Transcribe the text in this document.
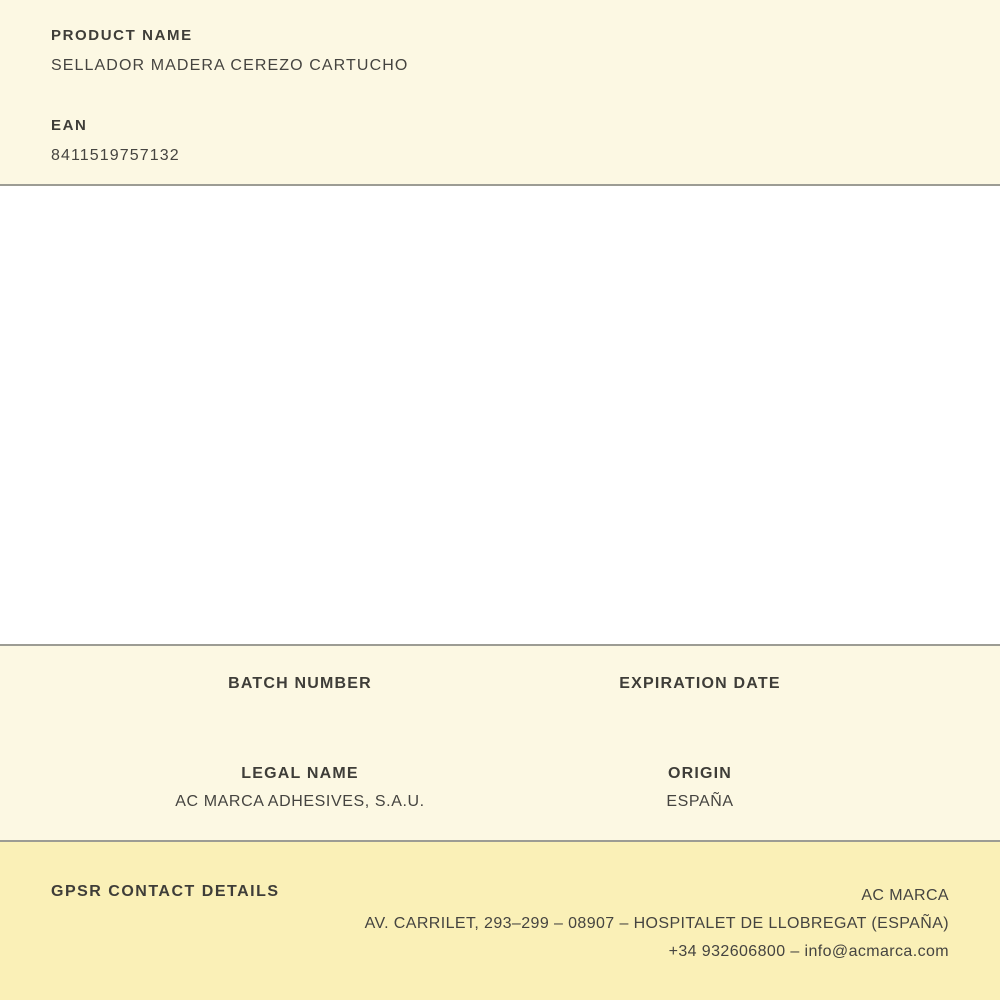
PRODUCT NAME
SELLADOR MADERA CEREZO CARTUCHO
EAN
8411519757132
BATCH NUMBER	EXPIRATION DATE
LEGAL NAME
AC MARCA ADHESIVES, S.A.U.
ORIGIN
ESPAÑA
GPSR CONTACT DETAILS	AC MARCA
AV. CARRILET, 293–299 – 08907 – HOSPITALET DE LLOBREGAT (ESPAÑA)
+34 932606800 – info@acmarca.com
